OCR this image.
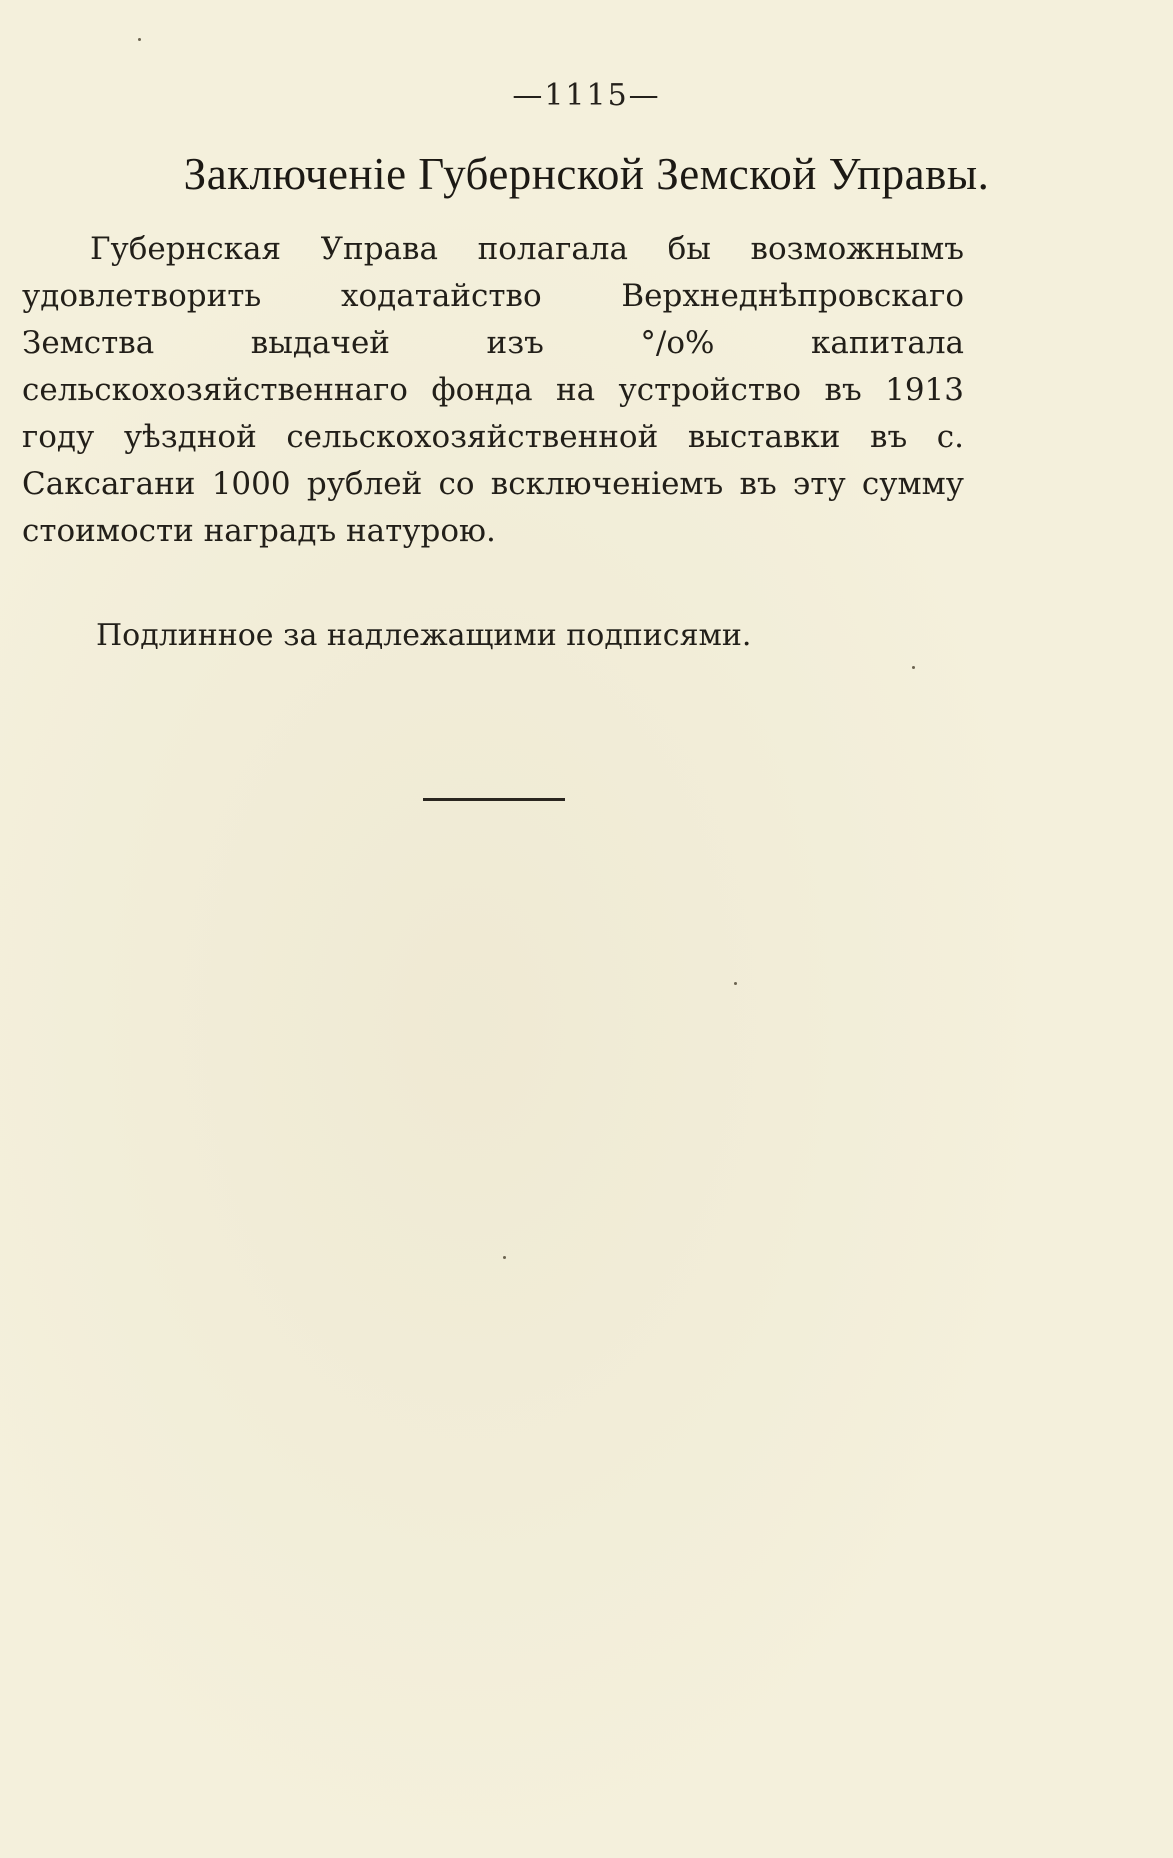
—1115—
Заключеніе Губернской Земской Управы.

Губернская Управа полагала бы возможнымъ удовлетворить ходатайство Верхнеднѣпровскаго Земства выдачей изъ °/о% капитала сельскохозяйственнаго фонда на устройство въ 1913 году уѣздной сельскохозяйственной выставки въ с. Саксагани 1000 рублей со всключеніемъ въ эту сумму стоимости наградъ натурою.

Подлинное за надлежащими подписями.
